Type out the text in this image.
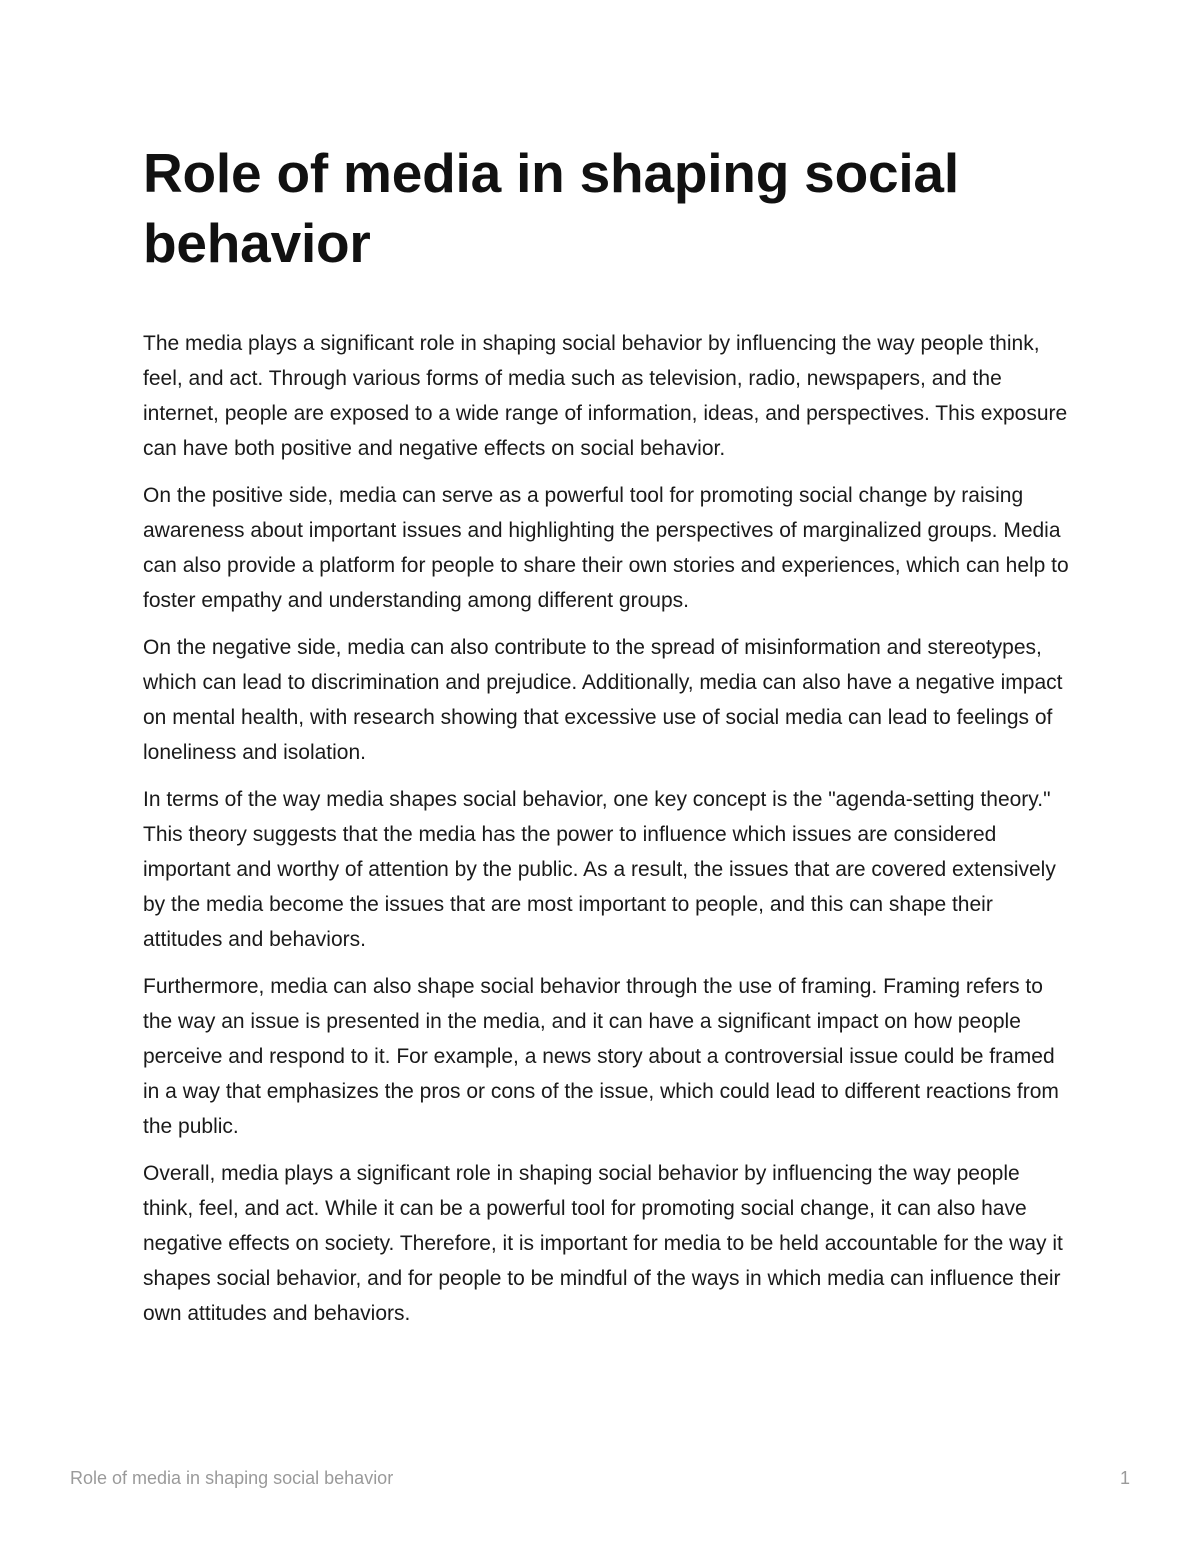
Role of media in shaping social behavior

The media plays a significant role in shaping social behavior by influencing the way people think, feel, and act. Through various forms of media such as television, radio, newspapers, and the internet, people are exposed to a wide range of information, ideas, and perspectives. This exposure can have both positive and negative effects on social behavior.

On the positive side, media can serve as a powerful tool for promoting social change by raising awareness about important issues and highlighting the perspectives of marginalized groups. Media can also provide a platform for people to share their own stories and experiences, which can help to foster empathy and understanding among different groups.

On the negative side, media can also contribute to the spread of misinformation and stereotypes, which can lead to discrimination and prejudice. Additionally, media can also have a negative impact on mental health, with research showing that excessive use of social media can lead to feelings of loneliness and isolation.

In terms of the way media shapes social behavior, one key concept is the "agenda-setting theory." This theory suggests that the media has the power to influence which issues are considered important and worthy of attention by the public. As a result, the issues that are covered extensively by the media become the issues that are most important to people, and this can shape their attitudes and behaviors.

Furthermore, media can also shape social behavior through the use of framing. Framing refers to the way an issue is presented in the media, and it can have a significant impact on how people perceive and respond to it. For example, a news story about a controversial issue could be framed in a way that emphasizes the pros or cons of the issue, which could lead to different reactions from the public.

Overall, media plays a significant role in shaping social behavior by influencing the way people think, feel, and act. While it can be a powerful tool for promoting social change, it can also have negative effects on society. Therefore, it is important for media to be held accountable for the way it shapes social behavior, and for people to be mindful of the ways in which media can influence their own attitudes and behaviors.

Role of media in shaping social behavior	1
